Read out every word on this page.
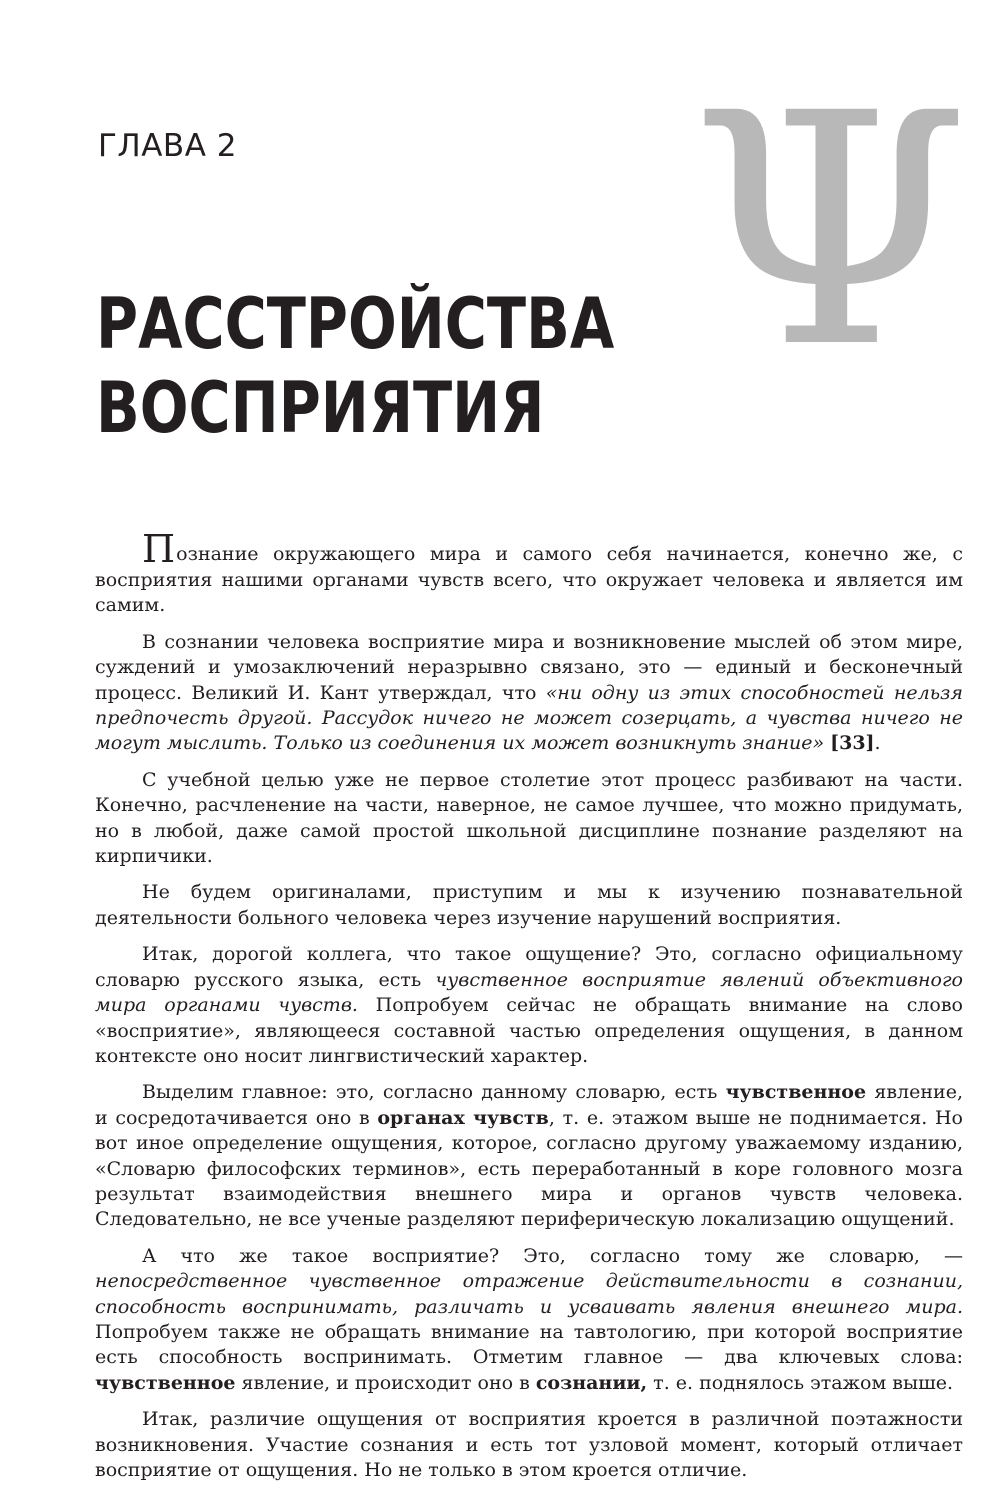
ГЛАВА 2 Ψ
РАССТРОЙСТВА
ВОСПРИЯТИЯ

Познание окружающего мира и самого себя начинается, конечно же, с восприятия нашими органами чувств всего, что окружает человека и является им самим.

В сознании человека восприятие мира и возникновение мыслей об этом мире, суждений и умозаключений неразрывно связано, это — единый и бесконечный процесс. Великий И. Кант утверждал, что «ни одну из этих способностей нельзя предпочесть другой. Рассудок ничего не может созерцать, а чувства ничего не могут мыслить. Только из соединения их может возникнуть знание» [33].

С учебной целью уже не первое столетие этот процесс разбивают на части. Конечно, расчленение на части, наверное, не самое лучшее, что можно придумать, но в любой, даже самой простой школьной дисциплине познание разделяют на кирпичики.

Не будем оригиналами, приступим и мы к изучению познавательной деятельности больного человека через изучение нарушений восприятия.

Итак, дорогой коллега, что такое ощущение? Это, согласно официальному словарю русского языка, есть чувственное восприятие явлений объективного мира органами чувств. Попробуем сейчас не обращать внимание на слово «восприятие», являющееся составной частью определения ощущения, в данном контексте оно носит лингвистический характер.

Выделим главное: это, согласно данному словарю, есть чувственное явление, и сосредотачивается оно в органах чувств, т. е. этажом выше не поднимается. Но вот иное определение ощущения, которое, согласно другому уважаемому изданию, «Словарю философских терминов», есть переработанный в коре головного мозга результат взаимодействия внешнего мира и органов чувств человека. Следовательно, не все ученые разделяют периферическую локализацию ощущений.

А что же такое восприятие? Это, согласно тому же словарю, — непосредственное чувственное отражение действительности в сознании, способность воспринимать, различать и усваивать явления внешнего мира. Попробуем также не обращать внимание на тавтологию, при которой восприятие есть способность воспринимать. Отметим главное — два ключевых слова: чувственное явление, и происходит оно в сознании, т. е. поднялось этажом выше.

Итак, различие ощущения от восприятия кроется в различной поэтажности возникновения. Участие сознания и есть тот узловой момент, который отличает восприятие от ощущения. Но не только в этом кроется отличие.
